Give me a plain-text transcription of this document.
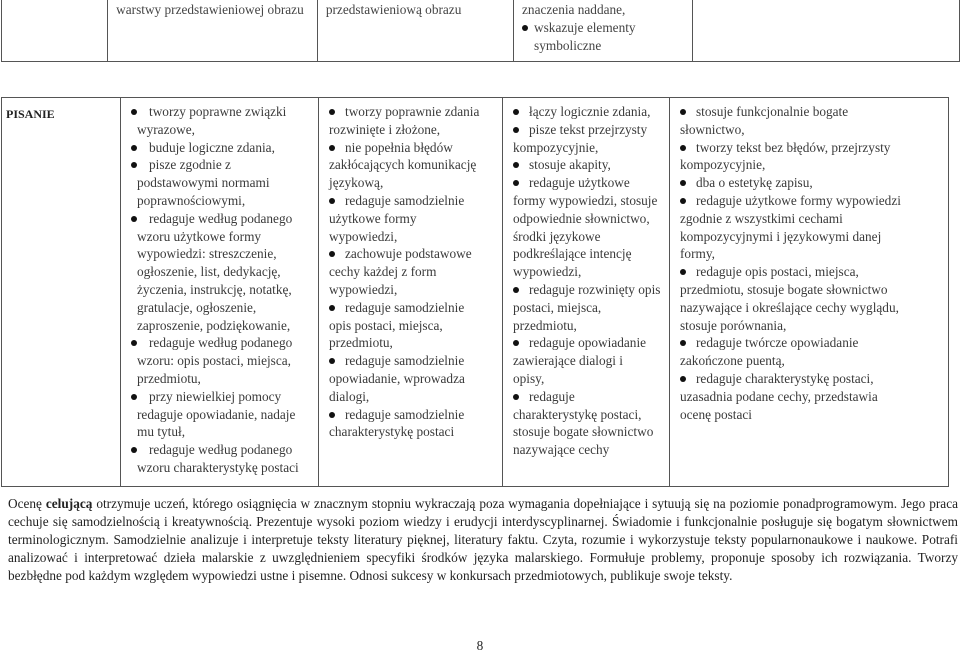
	warstwy przedstawieniowej obrazu	przedstawieniową obrazu	znaczenia naddane,
wskazuje elementy symboliczne

PISANIE	tworzy poprawne związki
wyrazowe,
buduje logiczne zdania,
pisze zgodnie z
podstawowymi normami
poprawnościowymi,
redaguje według podanego
wzoru użytkowe formy
wypowiedzi: streszczenie,
ogłoszenie, list, dedykację,
życzenia, instrukcję, notatkę,
gratulacje, ogłoszenie,
zaproszenie, podziękowanie,
redaguje według podanego
wzoru: opis postaci, miejsca,
przedmiotu,
przy niewielkiej pomocy
redaguje opowiadanie, nadaje
mu tytuł,
redaguje według podanego
wzoru charakterystykę postaci

tworzy poprawnie zdania
rozwinięte i złożone,
nie popełnia błędów
zakłócających komunikację
językową,
redaguje samodzielnie
użytkowe formy
wypowiedzi,
zachowuje podstawowe
cechy każdej z form
wypowiedzi,
redaguje samodzielnie
opis postaci, miejsca,
przedmiotu,
redaguje samodzielnie
opowiadanie, wprowadza
dialogi,
redaguje samodzielnie
charakterystykę postaci

łączy logicznie zdania,
pisze tekst przejrzysty
kompozycyjnie,
stosuje akapity,
redaguje użytkowe
formy wypowiedzi, stosuje
odpowiednie słownictwo,
środki językowe
podkreślające intencję
wypowiedzi,
redaguje rozwinięty opis
postaci, miejsca,
przedmiotu,
redaguje opowiadanie
zawierające dialogi i
opisy,
redaguje
charakterystykę postaci,
stosuje bogate słownictwo
nazywające cechy

stosuje funkcjonalnie bogate
słownictwo,
tworzy tekst bez błędów, przejrzysty
kompozycyjnie,
dba o estetykę zapisu,
redaguje użytkowe formy wypowiedzi
zgodnie z wszystkimi cechami
kompozycyjnymi i językowymi danej
formy,
redaguje opis postaci, miejsca,
przedmiotu, stosuje bogate słownictwo
nazywające i określające cechy wyglądu,
stosuje porównania,
redaguje twórcze opowiadanie
zakończone puentą,
redaguje charakterystykę postaci,
uzasadnia podane cechy, przedstawia
ocenę postaci

Ocenę celującą otrzymuje uczeń, którego osiągnięcia w znacznym stopniu wykraczają poza wymagania dopełniające i sytuują się na poziomie ponadprogramowym. Jego praca cechuje się samodzielnością i kreatywnością. Prezentuje wysoki poziom wiedzy i erudycji interdyscyplinarnej. Świadomie i funkcjonalnie posługuje się bogatym słownictwem terminologicznym. Samodzielnie analizuje i interpretuje teksty literatury pięknej, literatury faktu. Czyta, rozumie i wykorzystuje teksty popularnonaukowe i naukowe. Potrafi analizować i interpretować dzieła malarskie z uwzględnieniem specyfiki środków języka malarskiego. Formułuje problemy, proponuje sposoby ich rozwiązania. Tworzy bezbłędne pod każdym względem wypowiedzi ustne i pisemne. Odnosi sukcesy w konkursach przedmiotowych, publikuje swoje teksty.

8
